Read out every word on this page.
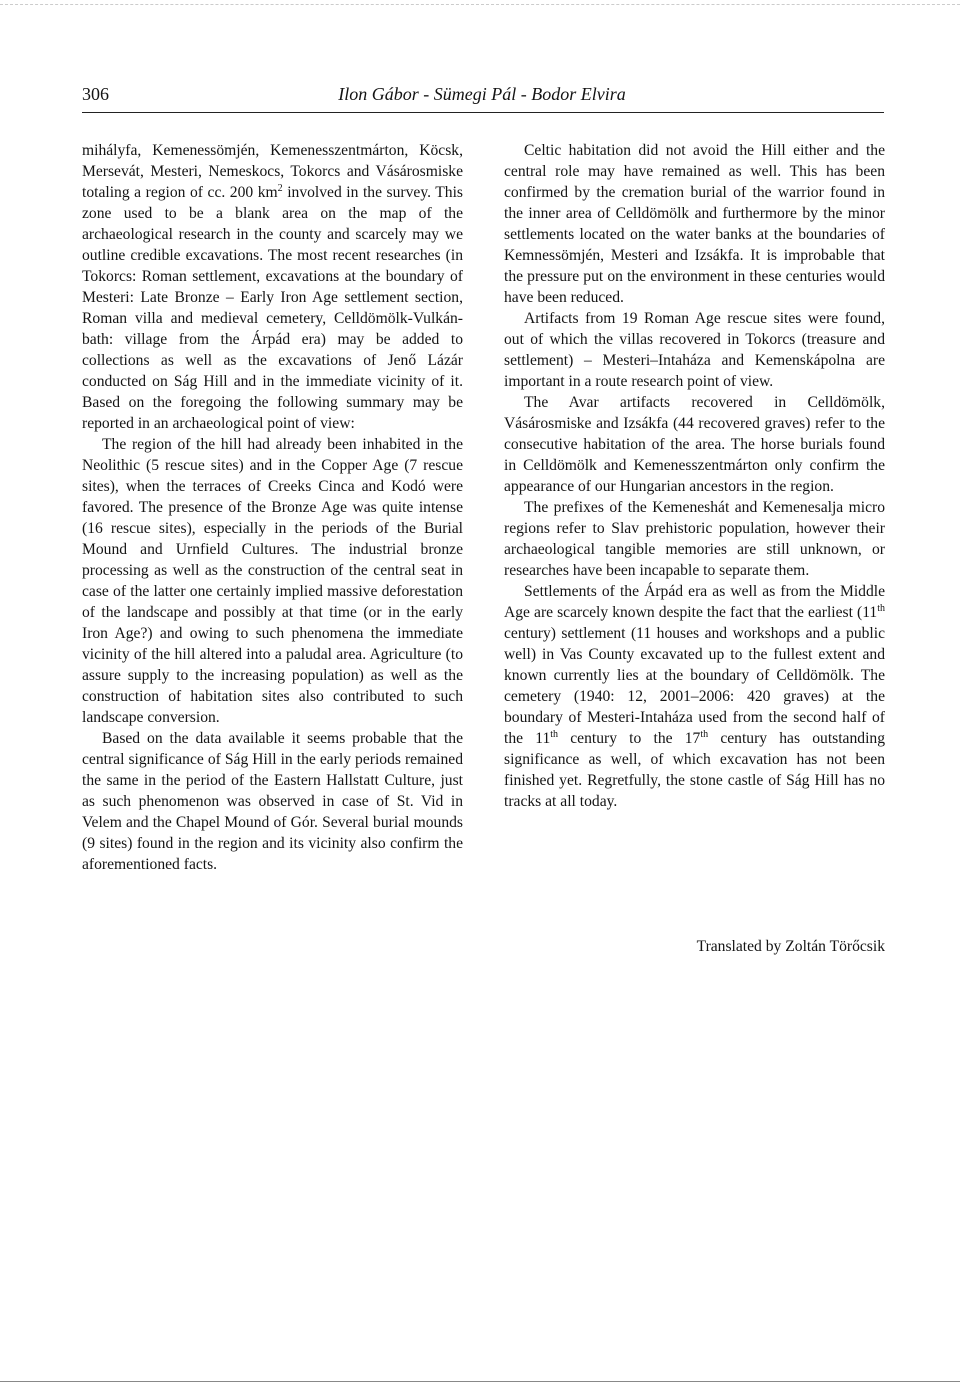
306	Ilon Gábor - Sümegi Pál - Bodor Elvira

mihályfa, Kemenessömjén, Kemenesszentmárton, Köcsk, Mersevát, Mesteri, Nemeskocs, Tokorcs and Vásárosmiske totaling a region of cc. 200 $km^2$ involved in the survey. This zone used to be a blank area on the map of the archaeological research in the county and scarcely may we outline credible excavations. The most recent researches (in Tokorcs: Roman settlement, excavations at the boundary of Mesteri: Late Bronze – Early Iron Age settlement section, Roman villa and medieval cemetery, Celldömölk-Vulkán-bath: village from the Árpád era) may be added to collections as well as the excavations of Jenő Lázár conducted on Ság Hill and in the immediate vicinity of it. Based on the foregoing the following summary may be reported in an archaeological point of view:

The region of the hill had already been inhabited in the Neolithic (5 rescue sites) and in the Copper Age (7 rescue sites), when the terraces of Creeks Cinca and Kodó were favored. The presence of the Bronze Age was quite intense (16 rescue sites), especially in the periods of the Burial Mound and Urnfield Cultures. The industrial bronze processing as well as the construction of the central seat in case of the latter one certainly implied massive deforestation of the landscape and possibly at that time (or in the early Iron Age?) and owing to such phenomena the immediate vicinity of the hill altered into a paludal area. Agriculture (to assure supply to the increasing population) as well as the construction of habitation sites also contributed to such landscape conversion.

Based on the data available it seems probable that the central significance of Ság Hill in the early periods remained the same in the period of the Eastern Hallstatt Culture, just as such phenomenon was observed in case of St. Vid in Velem and the Chapel Mound of Gór. Several burial mounds (9 sites) found in the region and its vicinity also confirm the aforementioned facts.

Celtic habitation did not avoid the Hill either and the central role may have remained as well. This has been confirmed by the cremation burial of the warrior found in the inner area of Celldömölk and furthermore by the minor settlements located on the water banks at the boundaries of Kemnessömjén, Mesteri and Izsákfa. It is improbable that the pressure put on the environment in these centuries would have been reduced.

Artifacts from 19 Roman Age rescue sites were found, out of which the villas recovered in Tokorcs (treasure and settlement) – Mesteri–Intaháza and Kemenskápolna are important in a route research point of view.

The Avar artifacts recovered in Celldömölk, Vásárosmiske and Izsákfa (44 recovered graves) refer to the consecutive habitation of the area. The horse burials found in Celldömölk and Kemenesszentmárton only confirm the appearance of our Hungarian ancestors in the region.

The prefixes of the Kemeneshát and Kemenesalja micro regions refer to Slav prehistoric population, however their archaeological tangible memories are still unknown, or researches have been incapable to separate them.

Settlements of the Árpád era as well as from the Middle Age are scarcely known despite the fact that the earliest (11th century) settlement (11 houses and workshops and a public well) in Vas County excavated up to the fullest extent and known currently lies at the boundary of Celldömölk. The cemetery (1940: 12, 2001–2006: 420 graves) at the boundary of Mesteri-Intaháza used from the second half of the 11th century to the 17th century has outstanding significance as well, of which excavation has not been finished yet. Regretfully, the stone castle of Ság Hill has no tracks at all today.

Translated by Zoltán Törőcsik
